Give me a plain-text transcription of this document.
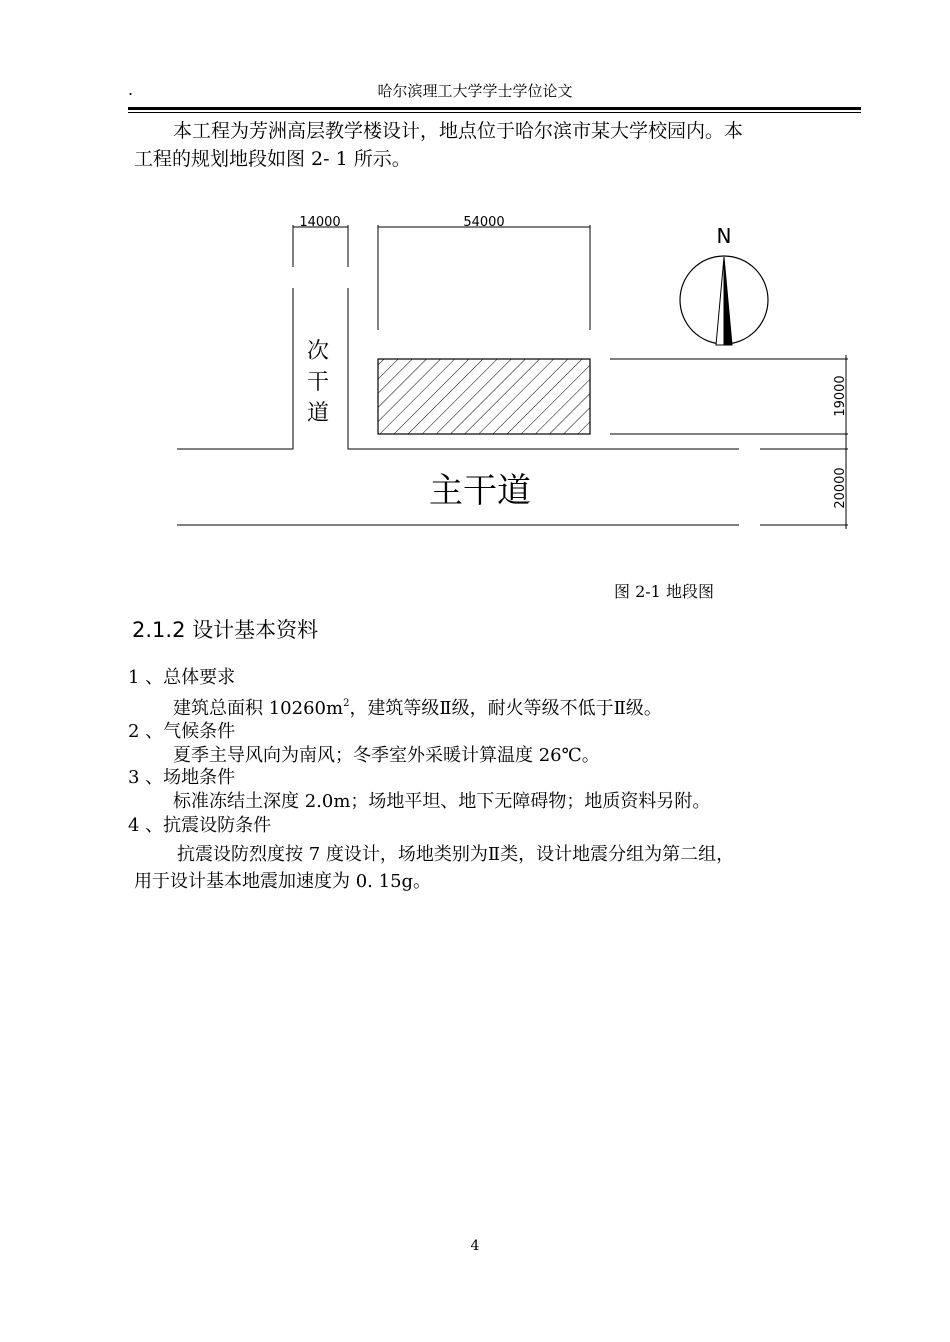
.	哈尔滨理工大学学士学位论文
本工程为芳洲高层教学楼设计，地点位于哈尔滨市某大学校园内。本
工程的规划地段如图 2- 1 所示。
14000	54000
N
次
干
道	19000
20000
主干道
图 2-1 地段图
2.1.2 设计基本资料
1 、总体要求
建筑总面积 $10260m^2$，建筑等级Ⅱ级，耐火等级不低于Ⅱ级。
2 、气候条件
夏季主导风向为南风；冬季室外采暖计算温度 26℃。
3 、场地条件
标准冻结土深度 2.0m；场地平坦、地下无障碍物；地质资料另附。
4 、抗震设防条件
抗震设防烈度按 7 度设计，场地类别为Ⅱ类，设计地震分组为第二组，
用于设计基本地震加速度为 0. 15g。
4
